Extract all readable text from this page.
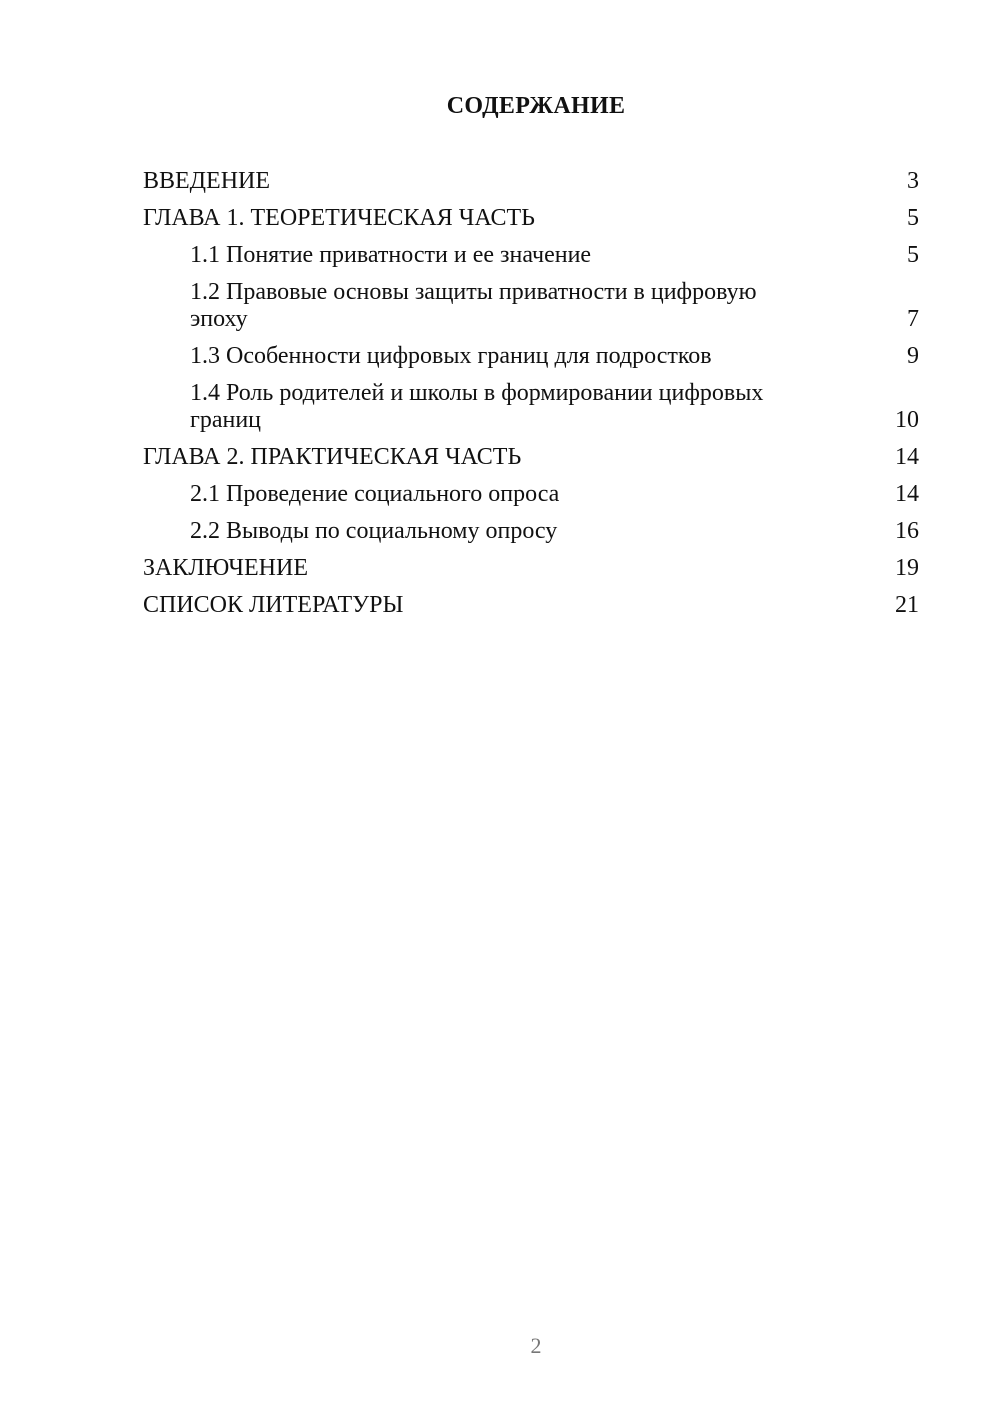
СОДЕРЖАНИЕ
ВВЕДЕНИЕ	3
ГЛАВА 1. ТЕОРЕТИЧЕСКАЯ ЧАСТЬ	5
1.1 Понятие приватности и ее значение	5
1.2 Правовые основы защиты приватности в цифровую эпоху	7
1.3 Особенности цифровых границ для подростков	9
1.4 Роль родителей и школы в формировании цифровых границ	10
ГЛАВА 2. ПРАКТИЧЕСКАЯ ЧАСТЬ	14
2.1 Проведение социального опроса	14
2.2 Выводы по социальному опросу	16
ЗАКЛЮЧЕНИЕ	19
СПИСОК ЛИТЕРАТУРЫ	21
2
